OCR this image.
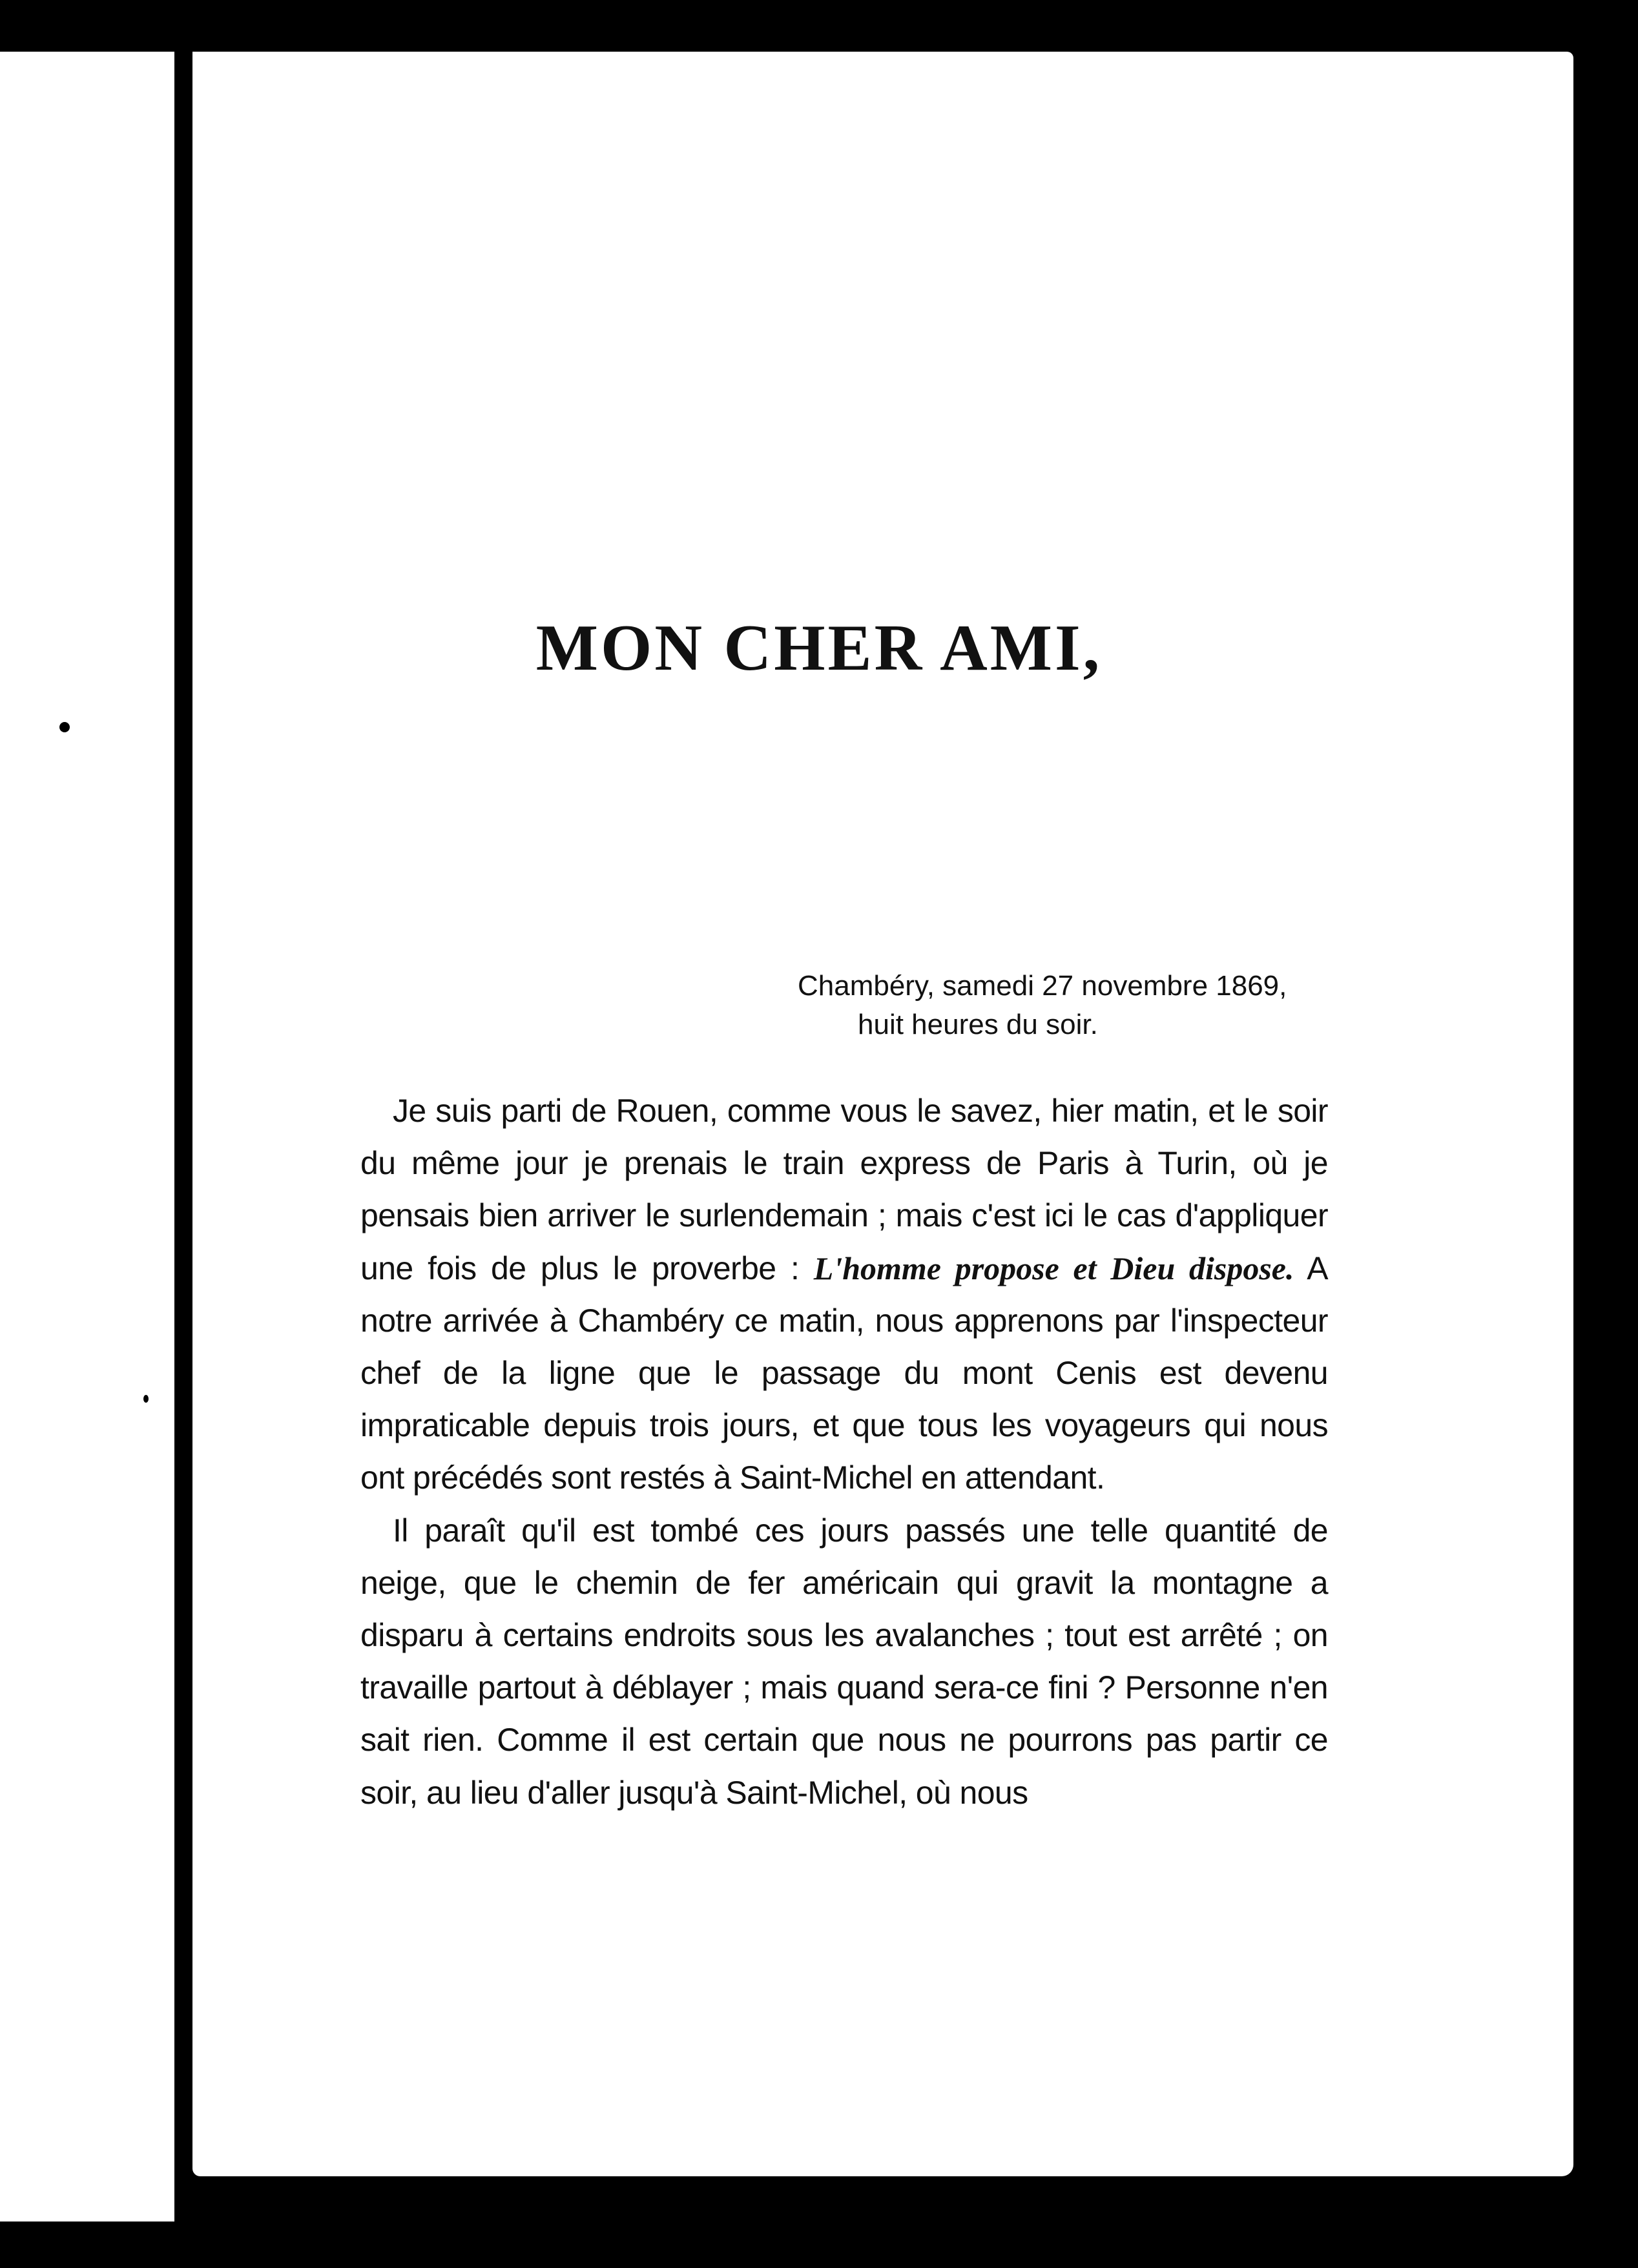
MON CHER AMI,
Chambéry, samedi 27 novembre 1869,
huit heures du soir.

Je suis parti de Rouen, comme vous le savez, hier matin, et le soir du même jour je prenais le train express de Paris à Turin, où je pensais bien arriver le surlendemain ; mais c'est ici le cas d'appliquer une fois de plus le proverbe : L'homme propose et Dieu dispose. A notre arrivée à Chambéry ce matin, nous apprenons par l'inspecteur chef de la ligne que le passage du mont Cenis est devenu impraticable depuis trois jours, et que tous les voyageurs qui nous ont précédés sont restés à Saint-Michel en attendant.

Il paraît qu'il est tombé ces jours passés une telle quantité de neige, que le chemin de fer américain qui gravit la montagne a disparu à certains endroits sous les avalanches ; tout est arrêté ; on travaille partout à déblayer ; mais quand sera-ce fini ? Personne n'en sait rien. Comme il est certain que nous ne pourrons pas partir ce soir, au lieu d'aller jusqu'à Saint-Michel, où nous
